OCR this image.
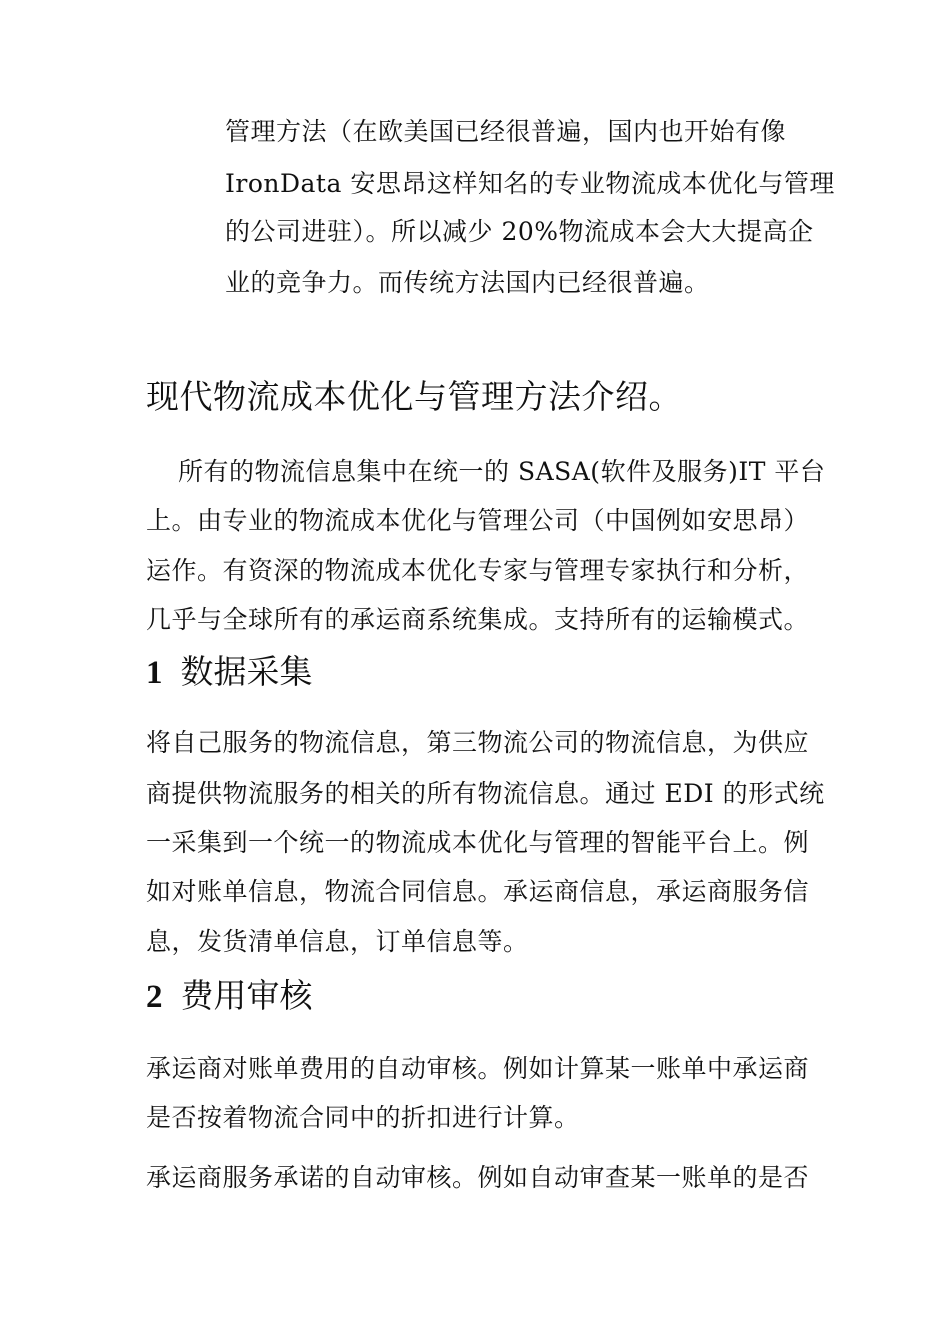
管理方法（在欧美国已经很普遍，国内也开始有像
IronData 安思昂这样知名的专业物流成本优化与管理
的公司进驻）。所以减少 20%物流成本会大大提高企
业的竞争力。而传统方法国内已经很普遍。
现代物流成本优化与管理方法介绍。
所有的物流信息集中在统一的 SASA(软件及服务)IT 平台
上。由专业的物流成本优化与管理公司（中国例如安思昂）
运作。有资深的物流成本优化专家与管理专家执行和分析，
几乎与全球所有的承运商系统集成。支持所有的运输模式。
1 数据采集
将自己服务的物流信息，第三物流公司的物流信息，为供应
商提供物流服务的相关的所有物流信息。通过 EDI 的形式统
一采集到一个统一的物流成本优化与管理的智能平台上。例
如对账单信息，物流合同信息。承运商信息，承运商服务信
息，发货清单信息，订单信息等。
2 费用审核
承运商对账单费用的自动审核。例如计算某一账单中承运商
是否按着物流合同中的折扣进行计算。
承运商服务承诺的自动审核。例如自动审查某一账单的是否
